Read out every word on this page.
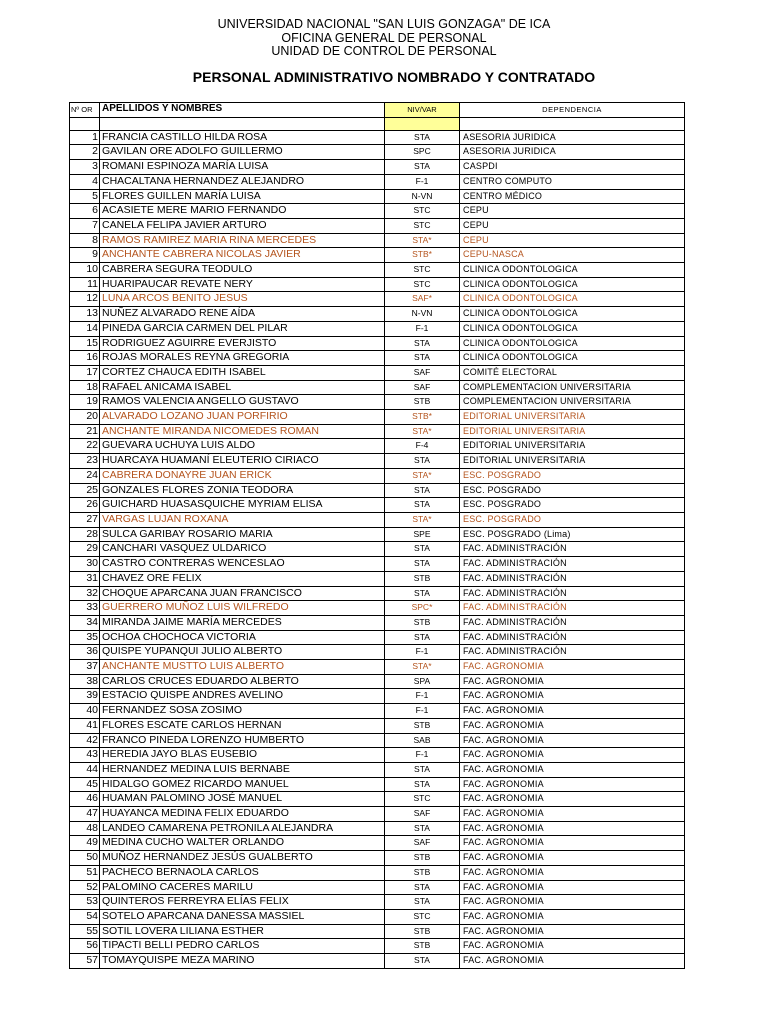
UNIVERSIDAD NACIONAL "SAN LUIS GONZAGA" DE ICA
OFICINA GENERAL DE PERSONAL
UNIDAD DE CONTROL DE PERSONAL
PERSONAL ADMINISTRATIVO NOMBRADO Y CONTRATADO
Nº OR	APELLIDOS Y NOMBRES	NIV/VAR	DEPENDENCIA

1	FRANCIA CASTILLO HILDA ROSA	STA	ASESORIA JURIDICA
2	GAVILAN ORE ADOLFO GUILLERMO	SPC	ASESORIA JURIDICA
3	ROMANI ESPINOZA MARÍA LUISA	STA	CASPDI
4	CHACALTANA HERNANDEZ ALEJANDRO	F-1	CENTRO COMPUTO
5	FLORES GUILLEN MARÍA LUISA	N-VN	CENTRO MÉDICO
6	ACASIETE MERE MARIO FERNANDO	STC	CEPU
7	CANELA FELIPA JAVIER ARTURO	STC	CEPU
8	RAMOS RAMIREZ MARIA RINA MERCEDES	STA*	CEPU
9	ANCHANTE CABRERA NICOLAS JAVIER	STB*	CEPU-NASCA
10	CABRERA SEGURA TEODULO	STC	CLINICA ODONTOLOGICA
11	HUARIPAUCAR REVATE NERY	STC	CLINICA ODONTOLOGICA
12	LUNA ARCOS BENITO JESUS	SAF*	CLINICA ODONTOLOGICA
13	NUÑEZ ALVARADO RENE AÍDA	N-VN	CLINICA ODONTOLOGICA
14	PINEDA GARCIA CARMEN DEL PILAR	F-1	CLINICA ODONTOLOGICA
15	RODRIGUEZ AGUIRRE EVERJISTO	STA	CLINICA ODONTOLOGICA
16	ROJAS MORALES REYNA GREGORIA	STA	CLINICA ODONTOLOGICA
17	CORTEZ CHAUCA EDITH ISABEL	SAF	COMITÉ ELECTORAL
18	RAFAEL ANICAMA ISABEL	SAF	COMPLEMENTACION UNIVERSITARIA
19	RAMOS VALENCIA ANGELLO GUSTAVO	STB	COMPLEMENTACION UNIVERSITARIA
20	ALVARADO LOZANO JUAN PORFIRIO	STB*	EDITORIAL UNIVERSITARIA
21	ANCHANTE MIRANDA NICOMEDES ROMAN	STA*	EDITORIAL UNIVERSITARIA
22	GUEVARA UCHUYA LUIS ALDO	F-4	EDITORIAL UNIVERSITARIA
23	HUARCAYA HUAMANÍ ELEUTERIO CIRIACO	STA	EDITORIAL UNIVERSITARIA
24	CABRERA DONAYRE JUAN ERICK	STA*	ESC. POSGRADO
25	GONZALES FLORES ZONIA TEODORA	STA	ESC. POSGRADO
26	GUICHARD HUASASQUICHE MYRIAM ELISA	STA	ESC. POSGRADO
27	VARGAS LUJAN ROXANA	STA*	ESC. POSGRADO
28	SULCA GARIBAY ROSARIO MARIA	SPE	ESC. POSGRADO (Lima)
29	CANCHARI VASQUEZ ULDARICO	STA	FAC. ADMINISTRACIÓN
30	CASTRO CONTRERAS WENCESLAO	STA	FAC. ADMINISTRACIÓN
31	CHAVEZ ORE FELIX	STB	FAC. ADMINISTRACIÓN
32	CHOQUE APARCANA JUAN FRANCISCO	STA	FAC. ADMINISTRACIÓN
33	GUERRERO MUÑOZ LUIS WILFREDO	SPC*	FAC. ADMINISTRACIÓN
34	MIRANDA JAIME MARÍA MERCEDES	STB	FAC. ADMINISTRACIÓN
35	OCHOA CHOCHOCA VICTORIA	STA	FAC. ADMINISTRACIÓN
36	QUISPE YUPANQUI JULIO ALBERTO	F-1	FAC. ADMINISTRACIÓN
37	ANCHANTE MUSTTO LUIS ALBERTO	STA*	FAC. AGRONOMIA
38	CARLOS CRUCES EDUARDO ALBERTO	SPA	FAC. AGRONOMIA
39	ESTACIO QUISPE ANDRES AVELINO	F-1	FAC. AGRONOMIA
40	FERNANDEZ SOSA ZOSIMO	F-1	FAC. AGRONOMIA
41	FLORES ESCATE CARLOS HERNAN	STB	FAC. AGRONOMIA
42	FRANCO PINEDA LORENZO HUMBERTO	SAB	FAC. AGRONOMIA
43	HEREDIA JAYO BLAS EUSEBIO	F-1	FAC. AGRONOMIA
44	HERNANDEZ MEDINA LUIS BERNABE	STA	FAC. AGRONOMIA
45	HIDALGO GOMEZ RICARDO MANUEL	STA	FAC. AGRONOMIA
46	HUAMAN PALOMINO JOSÉ MANUEL	STC	FAC. AGRONOMIA
47	HUAYANCA MEDINA FELIX EDUARDO	SAF	FAC. AGRONOMIA
48	LANDEO CAMARENA PETRONILA ALEJANDRA	STA	FAC. AGRONOMIA
49	MEDINA CUCHO WALTER ORLANDO	SAF	FAC. AGRONOMIA
50	MUÑOZ HERNANDEZ JESÚS GUALBERTO	STB	FAC. AGRONOMIA
51	PACHECO BERNAOLA CARLOS	STB	FAC. AGRONOMIA
52	PALOMINO CACERES MARILU	STA	FAC. AGRONOMIA
53	QUINTEROS FERREYRA ELÍAS FELIX	STA	FAC. AGRONOMIA
54	SOTELO APARCANA DANESSA MASSIEL	STC	FAC. AGRONOMIA
55	SOTIL LOVERA LILIANA ESTHER	STB	FAC. AGRONOMIA
56	TIPACTI BELLI PEDRO CARLOS	STB	FAC. AGRONOMIA
57	TOMAYQUISPE MEZA MARINO	STA	FAC. AGRONOMIA
